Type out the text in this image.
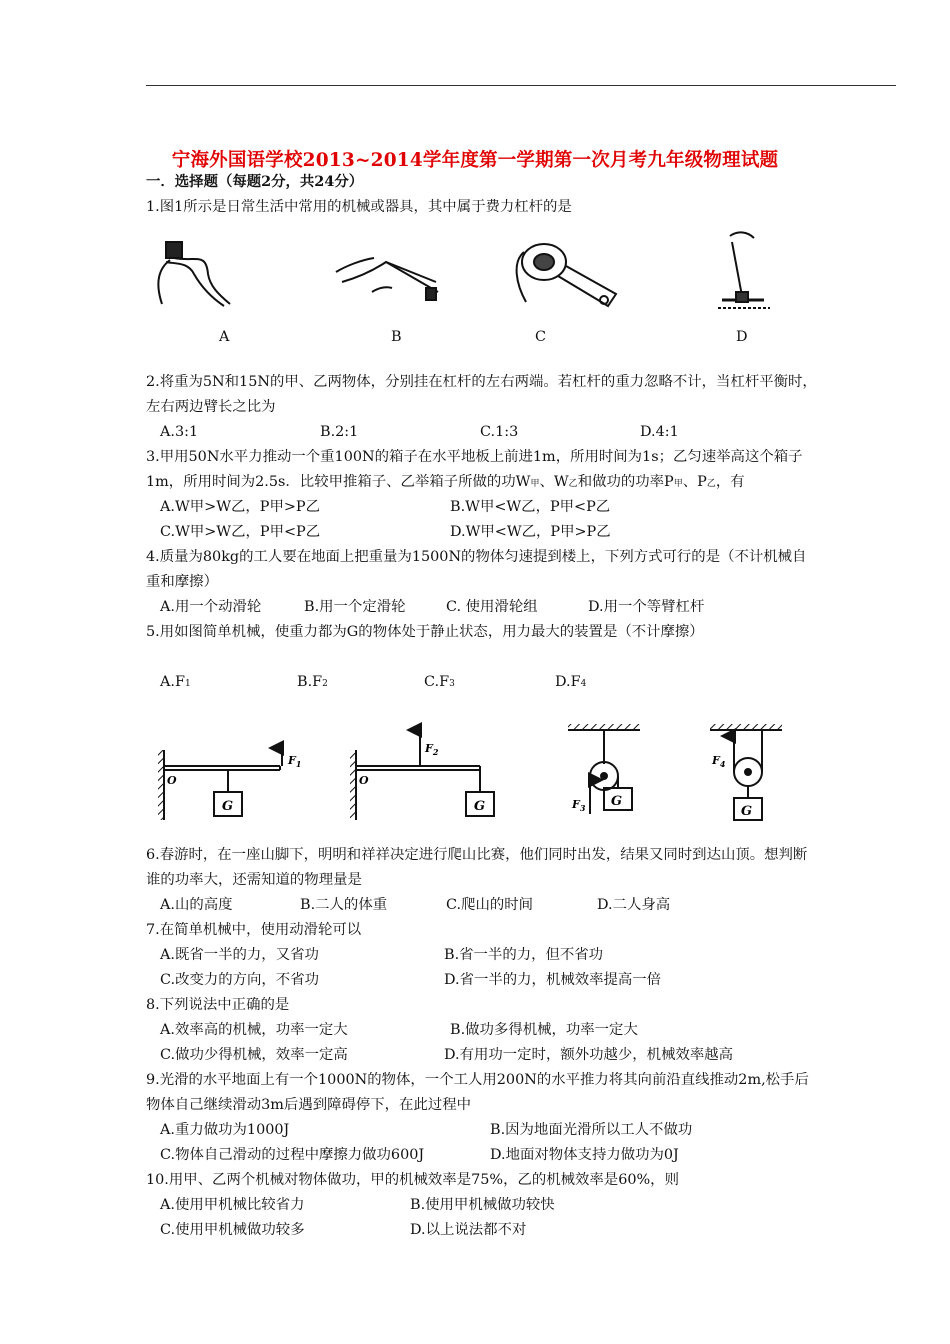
宁海外国语学校2013~2014学年度第一学期第一次月考九年级物理试题
一．选择题（每题2分，共24分）
1.图1所示是日常生活中常用的机械或器具，其中属于费力杠杆的是
A	B	C	D
2.将重为5N和15N的甲、乙两物体，分别挂在杠杆的左右两端。若杠杆的重力忽略不计，当杠杆平衡时，
左右两边臂长之比为
A.3:1	B.2:1	C.1:3	D.4:1
3.甲用50N水平力推动一个重100N的箱子在水平地板上前进1m，所用时间为1s；乙匀速举高这个箱子
1m，所用时间为2.5s．比较甲推箱子、乙举箱子所做的功W甲、W乙和做功的功率P甲、P乙，有
A.W甲>W乙，P甲>P乙	B.W甲<W乙，P甲<P乙
C.W甲>W乙，P甲<P乙	D.W甲<W乙，P甲>P乙
4.质量为80kg的工人要在地面上把重量为1500N的物体匀速提到楼上，下列方式可行的是（不计机械自
重和摩擦）
A.用一个动滑轮	B.用一个定滑轮	C. 使用滑轮组	D.用一个等臂杠杆
5.用如图简单机械，使重力都为G的物体处于静止状态，用力最大的装置是（不计摩擦）
A.F1	B.F2	C.F3	D.F4
O
G
$F_1$
O
G
$F_2$
G
$F_3$	G
$F_4$
6.春游时，在一座山脚下，明明和祥祥决定进行爬山比赛，他们同时出发，结果又同时到达山顶。想判断
谁的功率大，还需知道的物理量是
A.山的高度	B.二人的体重	C.爬山的时间	D.二人身高
7.在简单机械中，使用动滑轮可以
A.既省一半的力，又省功	B.省一半的力，但不省功
C.改变力的方向，不省功	D.省一半的力，机械效率提高一倍
8.下列说法中正确的是
A.效率高的机械，功率一定大	B.做功多得机械，功率一定大
C.做功少得机械，效率一定高	D.有用功一定时，额外功越少，机械效率越高
9.光滑的水平地面上有一个1000N的物体，一个工人用200N的水平推力将其向前沿直线推动2m,松手后
物体自己继续滑动3m后遇到障碍停下，在此过程中
A.重力做功为1000J	B.因为地面光滑所以工人不做功
C.物体自己滑动的过程中摩擦力做功600J	D.地面对物体支持力做功为0J
10.用甲、乙两个机械对物体做功，甲的机械效率是75%，乙的机械效率是60%，则
A.使用甲机械比较省力	B.使用甲机械做功较快
C.使用甲机械做功较多	D.以上说法都不对
